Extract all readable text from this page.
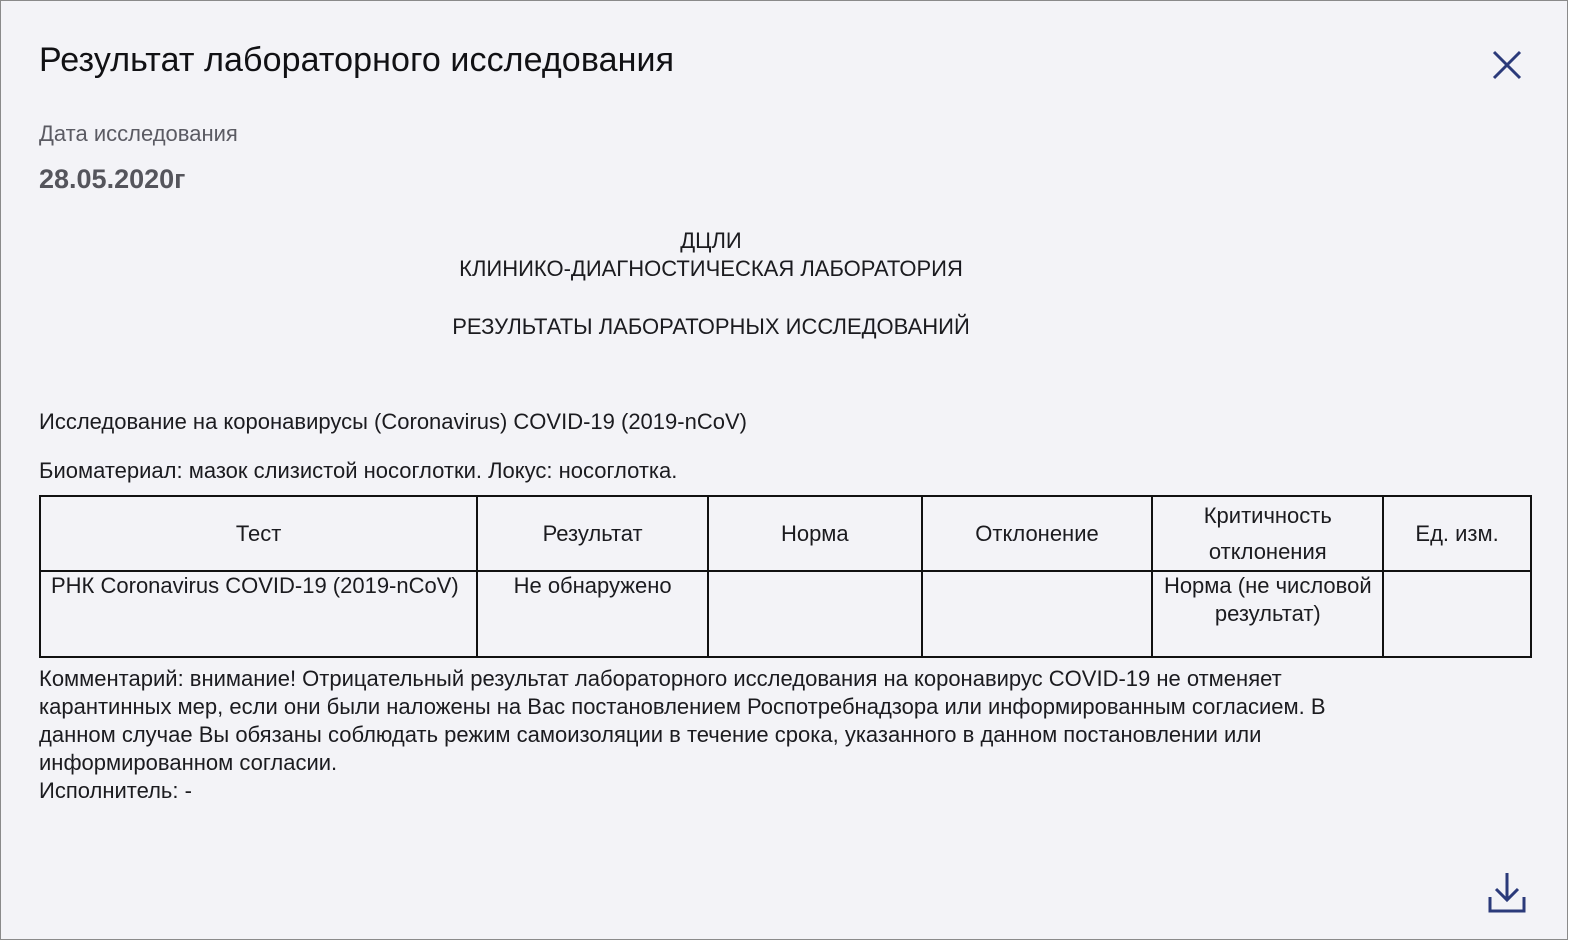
Результат лабораторного исследования
Дата исследования
28.05.2020г
ДЦЛИ
КЛИНИКО-ДИАГНОСТИЧЕСКАЯ ЛАБОРАТОРИЯ
РЕЗУЛЬТАТЫ ЛАБОРАТОРНЫХ ИССЛЕДОВАНИЙ
Исследование на коронавирусы (Coronavirus) COVID-19 (2019-nCoV)
Биоматериал: мазок слизистой носоглотки. Локус: носоглотка.
Тест	Результат	Норма	Отклонение	Критичность отклонения	Ед. изм.
РНК Coronavirus COVID-19 (2019-nCoV)	Не обнаружено			Норма (не числовой результат)	
Комментарий: внимание! Отрицательный результат лабораторного исследования на коронавирус COVID-19 не отменяет карантинных мер, если они были наложены на Вас постановлением Роспотребнадзора или информированным согласием. В данном случае Вы обязаны соблюдать режим самоизоляции в течение срока, указанного в данном постановлении или информированном согласии.
Исполнитель: -
